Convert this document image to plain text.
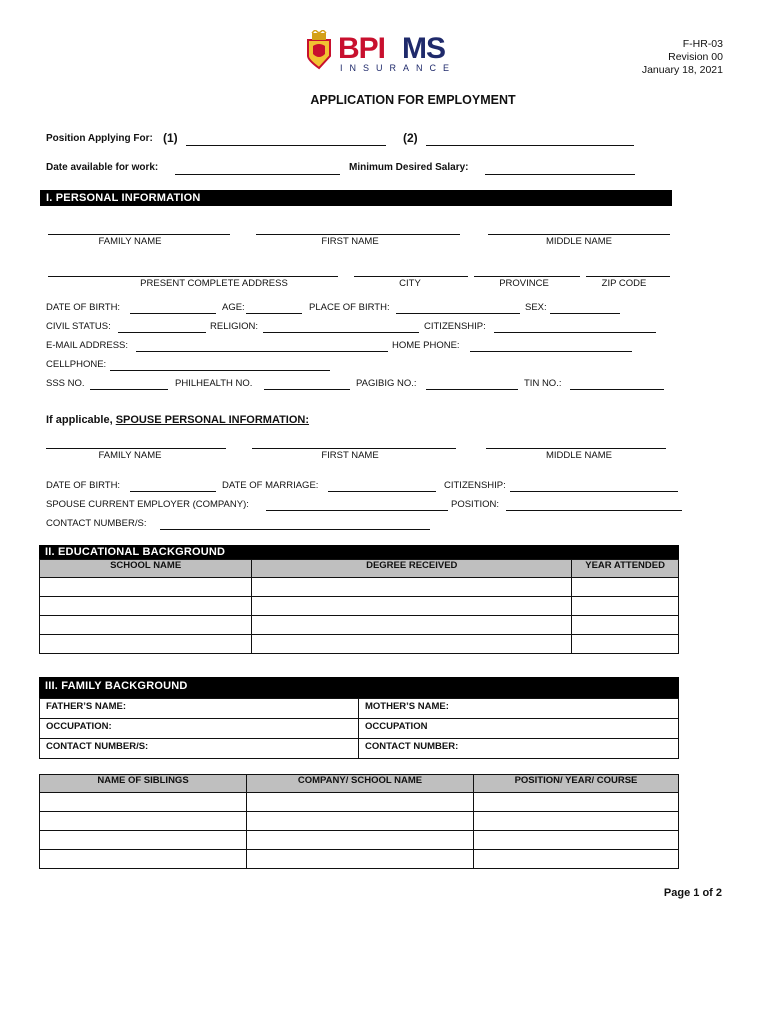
BPI MS
INSURANCE
F-HR-03
Revision 00
January 18, 2021
APPLICATION FOR EMPLOYMENT
Position Applying For: (1)	(2)
Date available for work:	Minimum Desired Salary:
I. PERSONAL INFORMATION
FAMILY NAME	FIRST NAME	MIDDLE NAME
PRESENT COMPLETE ADDRESS	CITY	PROVINCE	ZIP CODE
DATE OF BIRTH:	AGE:	PLACE OF BIRTH:	SEX:
CIVIL STATUS:	RELIGION:	CITIZENSHIP:
E-MAIL ADDRESS:	HOME PHONE:
CELLPHONE:
SSS NO.	PHILHEALTH NO.	PAGIBIG NO.:	TIN NO.:
If applicable, SPOUSE PERSONAL INFORMATION:
FAMILY NAME	FIRST NAME	MIDDLE NAME
DATE OF BIRTH:	DATE OF MARRIAGE:	CITIZENSHIP:
SPOUSE CURRENT EMPLOYER (COMPANY):	POSITION:
CONTACT NUMBER/S:
II. EDUCATIONAL BACKGROUND
SCHOOL NAME	DEGREE RECEIVED	YEAR ATTENDED

III. FAMILY BACKGROUND
FATHER’S NAME:	MOTHER’S NAME:
OCCUPATION:	OCCUPATION
CONTACT NUMBER/S:	CONTACT NUMBER:
NAME OF SIBLINGS	COMPANY/ SCHOOL NAME	POSITION/ YEAR/ COURSE

Page 1 of 2
